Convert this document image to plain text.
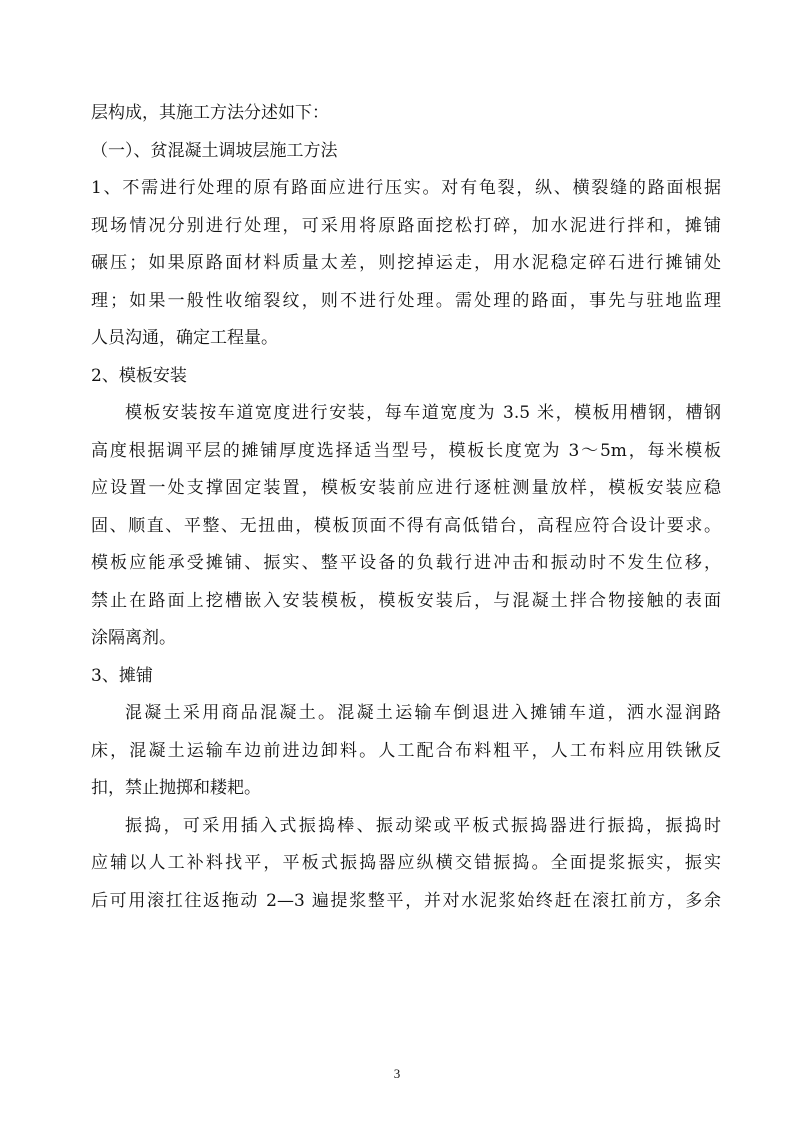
层构成，其施工方法分述如下：
（一）、贫混凝土调坡层施工方法
1、不需进行处理的原有路面应进行压实。对有龟裂，纵、横裂缝的路面根据
现场情况分别进行处理，可采用将原路面挖松打碎，加水泥进行拌和，摊铺
碾压；如果原路面材料质量太差，则挖掉运走，用水泥稳定碎石进行摊铺处
理；如果一般性收缩裂纹，则不进行处理。需处理的路面，事先与驻地监理
人员沟通，确定工程量。
2、模板安装
模板安装按车道宽度进行安装，每车道宽度为 3.5 米，模板用槽钢，槽钢
高度根据调平层的摊铺厚度选择适当型号，模板长度宽为 3～5m，每米模板
应设置一处支撑固定装置，模板安装前应进行逐桩测量放样，模板安装应稳
固、顺直、平整、无扭曲，模板顶面不得有高低错台，高程应符合设计要求。
模板应能承受摊铺、振实、整平设备的负载行进冲击和振动时不发生位移，
禁止在路面上挖槽嵌入安装模板，模板安装后，与混凝土拌合物接触的表面
涂隔离剂。
3、摊铺
混凝土采用商品混凝土。混凝土运输车倒退进入摊铺车道，洒水湿润路
床，混凝土运输车边前进边卸料。人工配合布料粗平，人工布料应用铁锹反
扣，禁止抛掷和耧耙。
振捣，可采用插入式振捣棒、振动梁或平板式振捣器进行振捣，振捣时
应辅以人工补料找平，平板式振捣器应纵横交错振捣。全面提浆振实，振实
后可用滚扛往返拖动 2—3 遍提浆整平，并对水泥浆始终赶在滚扛前方，多余
3
